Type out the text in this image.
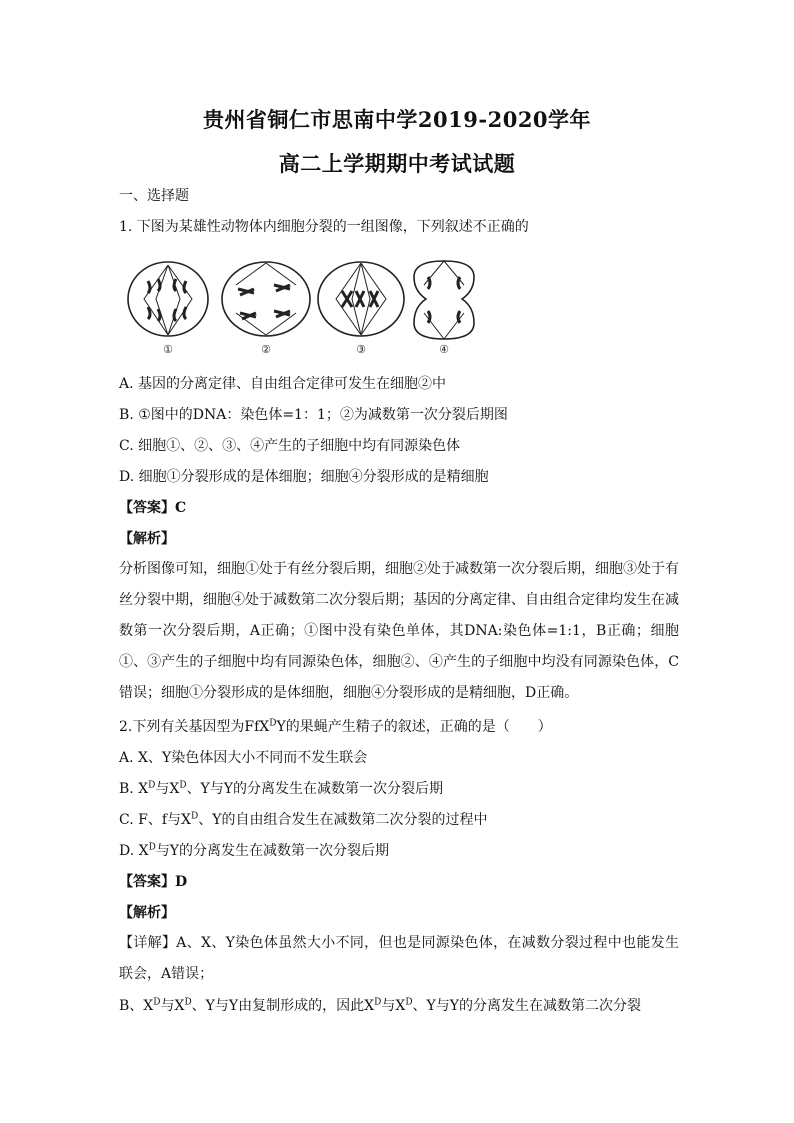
贵州省铜仁市思南中学2019-2020学年
高二上学期期中考试试题
一、选择题
1. 下图为某雄性动物体内细胞分裂的一组图像，下列叙述不正确的
①	②	③	④
A. 基因的分离定律、自由组合定律可发生在细胞②中
B. ①图中的DNA：染色体=1：1；②为减数第一次分裂后期图
C. 细胞①、②、③、④产生的子细胞中均有同源染色体
D. 细胞①分裂形成的是体细胞；细胞④分裂形成的是精细胞
【答案】C
【解析】
分析图像可知，细胞①处于有丝分裂后期，细胞②处于减数第一次分裂后期，细胞③处于有丝分裂中期，细胞④处于减数第二次分裂后期；基因的分离定律、自由组合定律均发生在减数第一次分裂后期，A正确；①图中没有染色单体，其DNA:染色体=1:1，B正确；细胞①、③产生的子细胞中均有同源染色体，细胞②、④产生的子细胞中均没有同源染色体，C错误；细胞①分裂形成的是体细胞，细胞④分裂形成的是精细胞，D正确。
2.下列有关基因型为FfX$^D$Y的果蝇产生精子的叙述，正确的是（　　）
A. X、Y染色体因大小不同而不发生联会
B. $X^D$与$X^D$、Y与Y的分离发生在减数第一次分裂后期
C. F、f与$X^D$、Y的自由组合发生在减数第二次分裂的过程中
D. $X^D$与Y的分离发生在减数第一次分裂后期
【答案】D
【解析】
【详解】A、X、Y染色体虽然大小不同，但也是同源染色体，在减数分裂过程中也能发生联会，A错误；
B、$X^D$与$X^D$、Y与Y由复制形成的，因此$X^D$与$X^D$、Y与Y的分离发生在减数第二次分裂
